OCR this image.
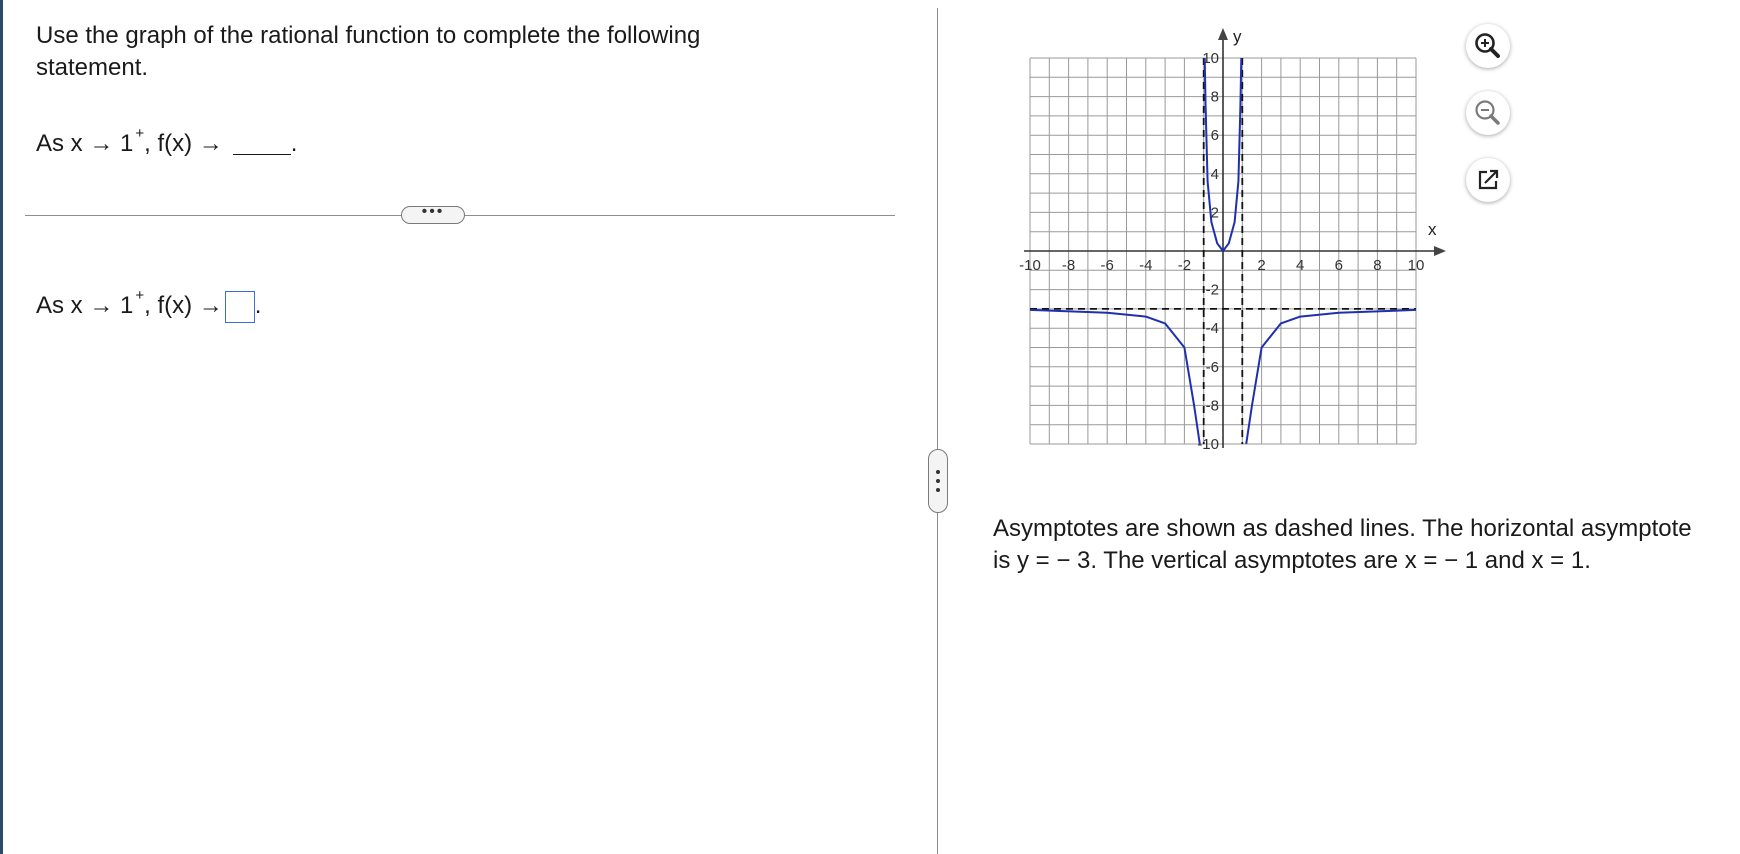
Use the graph of the rational function to complete the following statement.
As x → 1 +, f(x) →	.
•••
As x → 1 +, f(x) → .
-10 -8 -6 -4 -2	2 4 6 8 10
10
8
6
4
2
-2
-4
-6
-8
-10
x
y
Asymptotes are shown as dashed lines. The horizontal asymptote is y = − 3. The vertical asymptotes are x = − 1 and x = 1.
